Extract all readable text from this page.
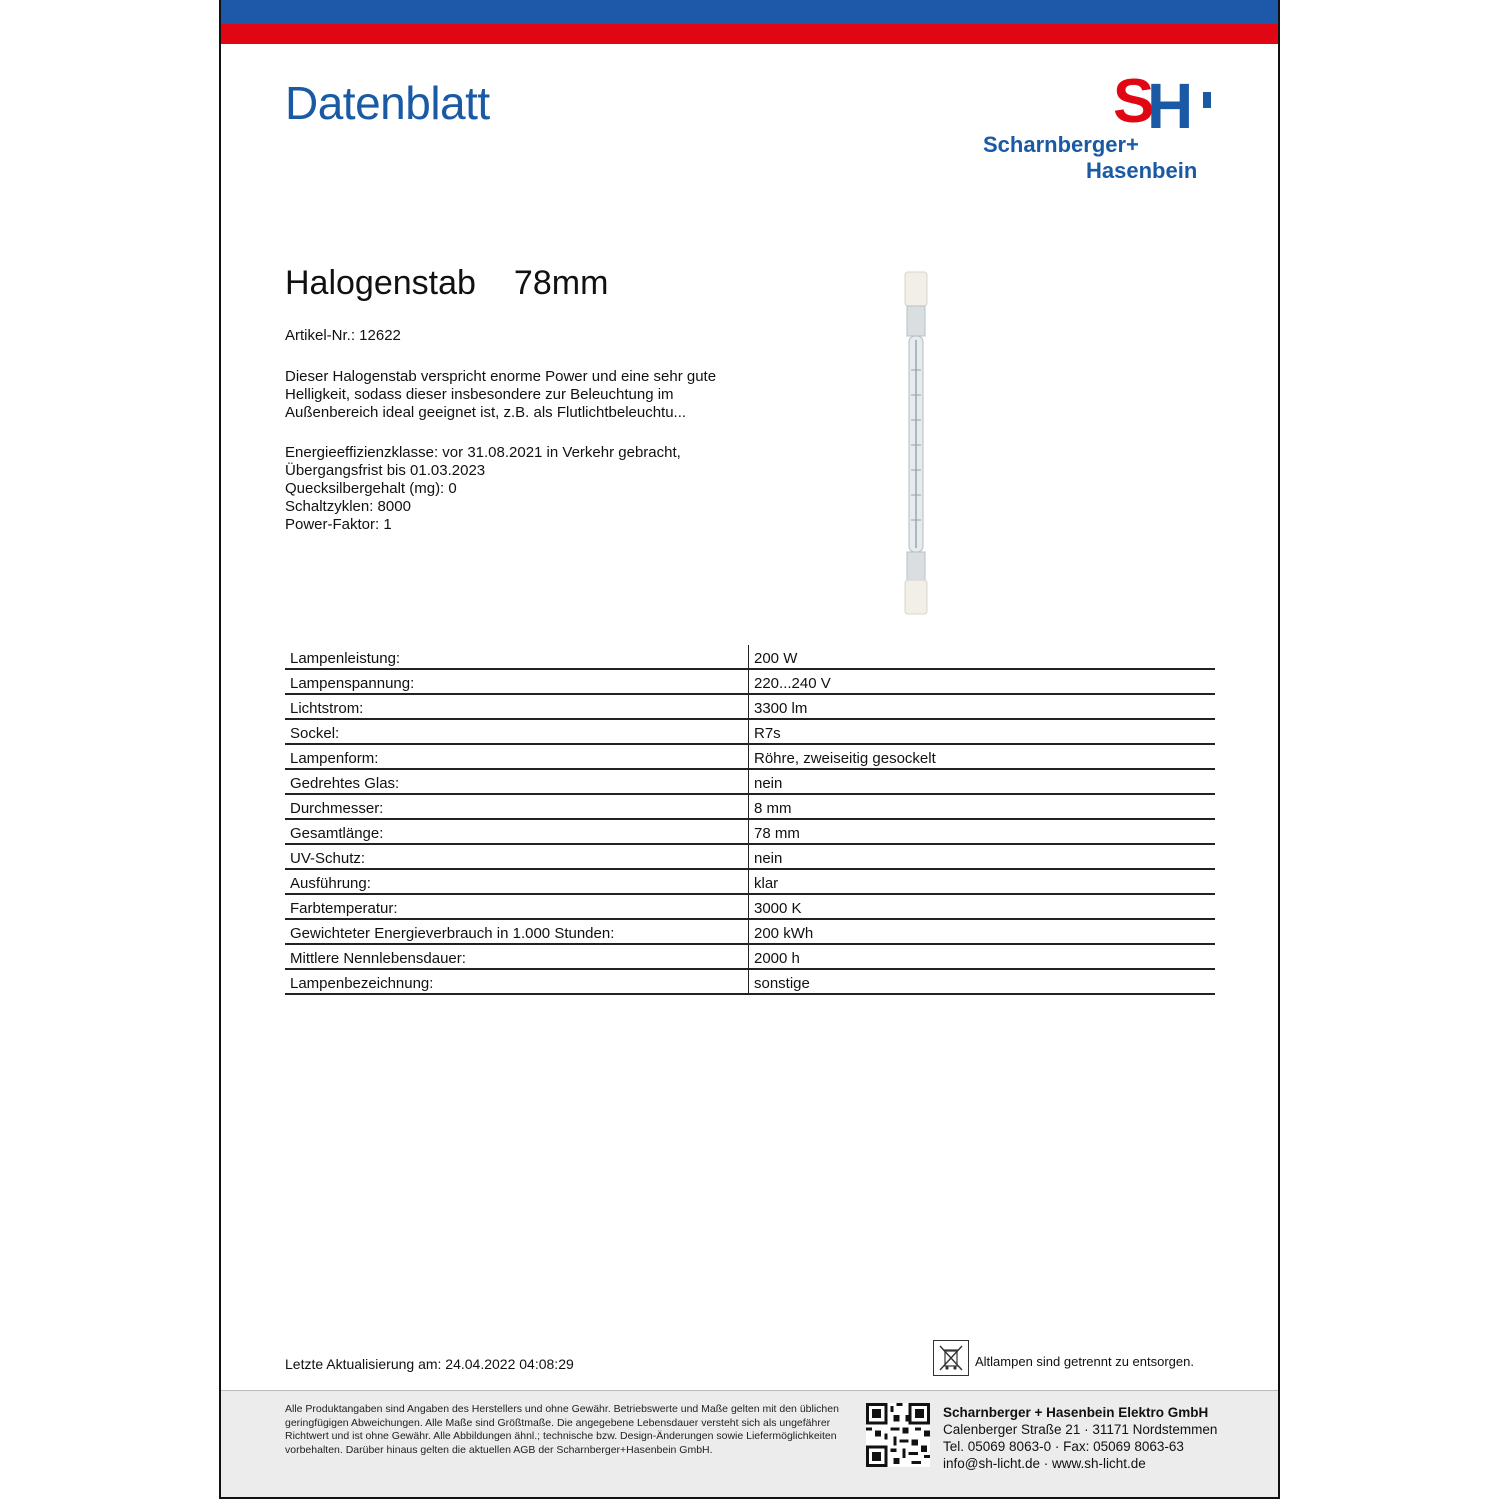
Datenblatt	S
H
Scharnberger+
Hasenbein
Halogenstab 78mm
Artikel-Nr.: 12622
Dieser Halogenstab verspricht enorme Power und eine sehr gute Helligkeit, sodass dieser insbesondere zur Beleuchtung im Außenbereich ideal geeignet ist, z.B. als Flutlichtbeleuchtu...
Energieeffizienzklasse: vor 31.08.2021 in Verkehr gebracht,
Übergangsfrist bis 01.03.2023
Quecksilbergehalt (mg): 0
Schaltzyklen: 8000
Power-Faktor: 1
Lampenleistung:	200 W
Lampenspannung:	220...240 V
Lichtstrom:	3300 lm
Sockel:	R7s
Lampenform:	Röhre, zweiseitig gesockelt
Gedrehtes Glas:	nein
Durchmesser:	8 mm
Gesamtlänge:	78 mm
UV-Schutz:	nein
Ausführung:	klar
Farbtemperatur:	3000 K
Gewichteter Energieverbrauch in 1.000 Stunden:	200 kWh
Mittlere Nennlebensdauer:	2000 h
Lampenbezeichnung:	sonstige
Letzte Aktualisierung am: 24.04.2022 04:08:29	Altlampen sind getrennt zu entsorgen.
Alle Produktangaben sind Angaben des Herstellers und ohne Gewähr. Betriebswerte und Maße gelten mit den üblichen geringfügigen Abweichungen. Alle Maße sind Größtmaße. Die angegebene Lebensdauer versteht sich als ungefährer Richtwert und ist ohne Gewähr. Alle Abbildungen ähnl.; technische bzw. Design-Änderungen sowie Liefermöglichkeiten vorbehalten. Darüber hinaus gelten die aktuellen AGB der Scharnberger+Hasenbein GmbH.
Scharnberger + Hasenbein Elektro GmbH
Calenberger Straße 21 · 31171 Nordstemmen
Tel. 05069 8063-0 · Fax: 05069 8063-63
info@sh-licht.de · www.sh-licht.de
